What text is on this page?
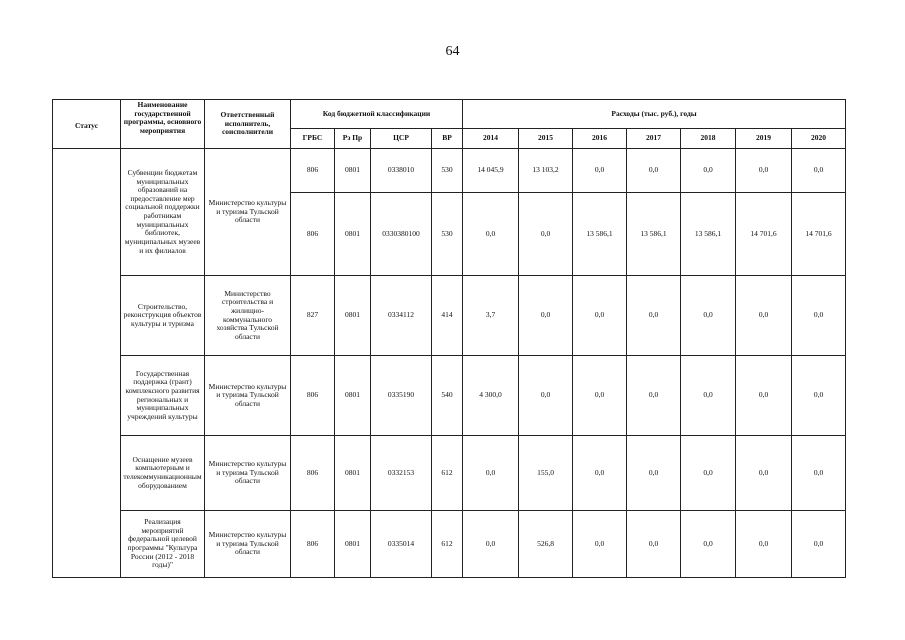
64
Статус	Наименование государственной программы, основного мероприятия	Ответственный исполнитель, соисполнители	Код бюджетной классификации				Расходы (тыс. руб.), годы						
			ГРБС	Рз Пр	ЦСР	ВР	2014	2015	2016	2017	2018	2019	2020
	Субвенции бюджетам муниципальных образований на предоставление мер социальной поддержки работникам муниципальных библиотек, муниципальных музеев и их филиалов	Министерство культуры и туризма Тульской области	806	0801	0338010	530	14 045,9	13 103,2	0,0	0,0	0,0	0,0	0,0
			806	0801	0330380100	530	0,0	0,0	13 586,1	13 586,1	13 586,1	14 701,6	14 701,6
	Строительство, реконструкция объектов культуры и туризма	Министерство строительства и жилищно-коммунального хозяйства Тульской области	827	0801	0334112	414	3,7	0,0	0,0	0,0	0,0	0,0	0,0
	Государственная поддержка (грант) комплексного развития региональных и муниципальных учреждений культуры	Министерство культуры и туризма Тульской области	806	0801	0335190	540	4 300,0	0,0	0,0	0,0	0,0	0,0	0,0
	Оснащение музеев компьютерным и телекоммуникационным оборудованием	Министерство культуры и туризма Тульской области	806	0801	0332153	612	0,0	155,0	0,0	0,0	0,0	0,0	0,0
	Реализация мероприятий федеральной целевой программы "Культура России (2012 - 2018 годы)"	Министерство культуры и туризма Тульской области	806	0801	0335014	612	0,0	526,8	0,0	0,0	0,0	0,0	0,0
